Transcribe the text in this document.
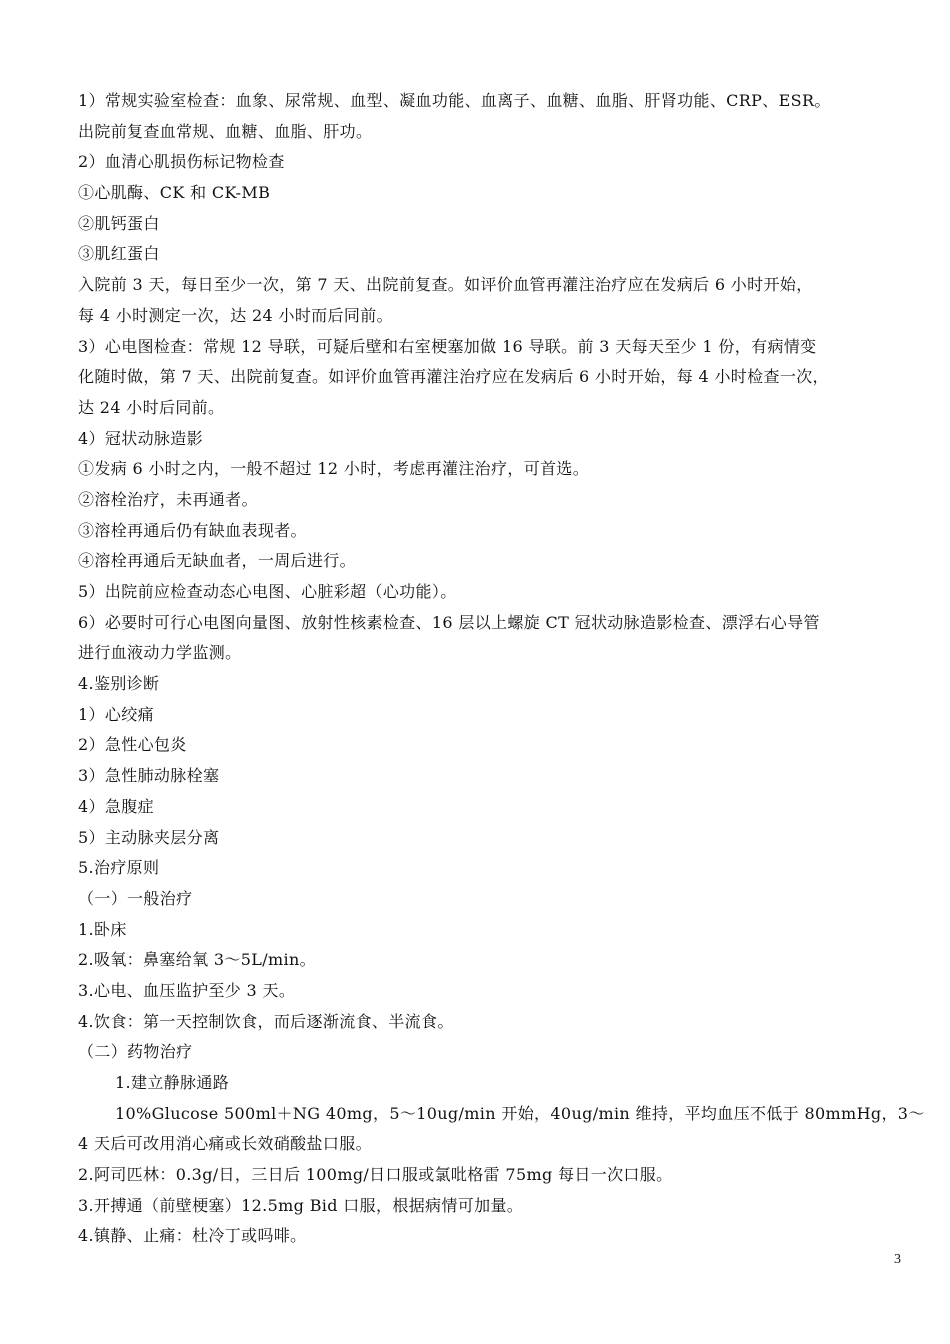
1）常规实验室检查：血象、尿常规、血型、凝血功能、血离子、血糖、血脂、肝肾功能、CRP、ESR。
出院前复查血常规、血糖、血脂、肝功。
2）血清心肌损伤标记物检查
①心肌酶、CK 和 CK-MB
②肌钙蛋白
③肌红蛋白
入院前 3 天，每日至少一次，第 7 天、出院前复查。如评价血管再灌注治疗应在发病后 6 小时开始，
每 4 小时测定一次，达 24 小时而后同前。
3）心电图检查：常规 12 导联，可疑后壁和右室梗塞加做 16 导联。前 3 天每天至少 1 份，有病情变
化随时做，第 7 天、出院前复查。如评价血管再灌注治疗应在发病后 6 小时开始，每 4 小时检查一次，
达 24 小时后同前。
4）冠状动脉造影
①发病 6 小时之内，一般不超过 12 小时，考虑再灌注治疗，可首选。
②溶栓治疗，未再通者。
③溶栓再通后仍有缺血表现者。
④溶栓再通后无缺血者，一周后进行。
5）出院前应检查动态心电图、心脏彩超（心功能）。
6）必要时可行心电图向量图、放射性核素检查、16 层以上螺旋 CT 冠状动脉造影检查、漂浮右心导管
进行血液动力学监测。
4.鉴别诊断
1）心绞痛
2）急性心包炎
3）急性肺动脉栓塞
4）急腹症
5）主动脉夹层分离
5.治疗原则
（一）一般治疗
1.卧床
2.吸氧：鼻塞给氧 3～5L/min。
3.心电、血压监护至少 3 天。
4.饮食：第一天控制饮食，而后逐渐流食、半流食。
（二）药物治疗
1.建立静脉通路
10%Glucose 500ml＋NG 40mg，5～10ug/min 开始，40ug/min 维持，平均血压不低于 80mmHg，3～
4 天后可改用消心痛或长效硝酸盐口服。
2.阿司匹林：0.3g/日，三日后 100mg/日口服或氯吡格雷 75mg 每日一次口服。
3.开搏通（前壁梗塞）12.5mg Bid 口服，根据病情可加量。
4.镇静、止痛：杜冷丁或吗啡。
3
